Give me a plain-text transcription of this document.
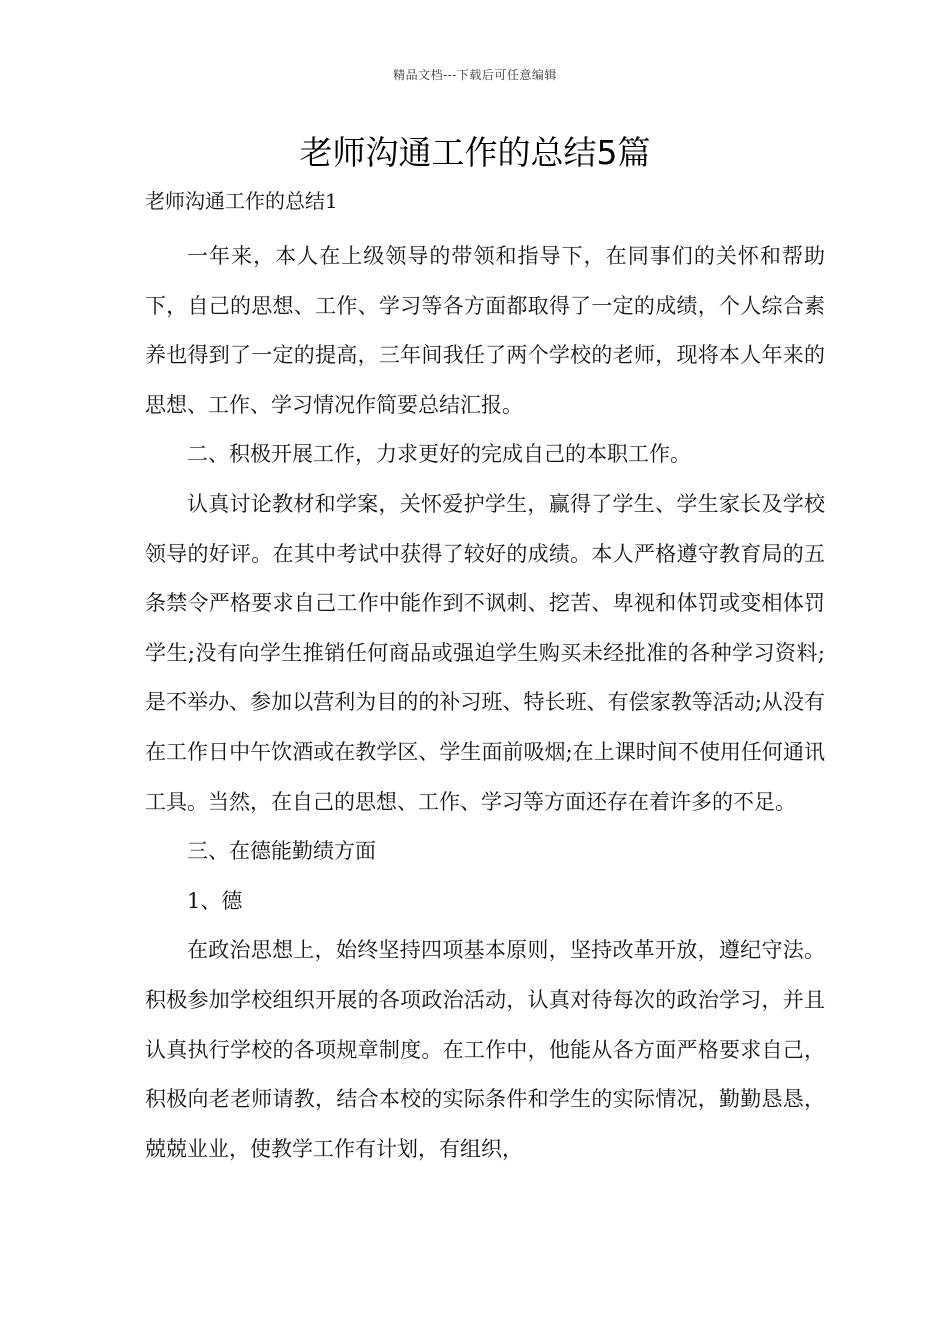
精品文档---下载后可任意编辑
老师沟通工作的总结5篇
老师沟通工作的总结1

一年来，本人在上级领导的带领和指导下，在同事们的关怀和帮助下，自己的思想、工作、学习等各方面都取得了一定的成绩，个人综合素养也得到了一定的提高，三年间我任了两个学校的老师，现将本人年来的思想、工作、学习情况作简要总结汇报。

二、积极开展工作，力求更好的完成自己的本职工作。

认真讨论教材和学案，关怀爱护学生，赢得了学生、学生家长及学校领导的好评。在其中考试中获得了较好的成绩。本人严格遵守教育局的五条禁令严格要求自己工作中能作到不讽刺、挖苦、卑视和体罚或变相体罚学生;没有向学生推销任何商品或强迫学生购买未经批准的各种学习资料;是不举办、参加以营利为目的的补习班、特长班、有偿家教等活动;从没有在工作日中午饮酒或在教学区、学生面前吸烟;在上课时间不使用任何通讯工具。当然，在自己的思想、工作、学习等方面还存在着许多的不足。

三、在德能勤绩方面

1、德

在政治思想上，始终坚持四项基本原则，坚持改革开放，遵纪守法。积极参加学校组织开展的各项政治活动，认真对待每次的政治学习，并且认真执行学校的各项规章制度。在工作中，他能从各方面严格要求自己，积极向老老师请教，结合本校的实际条件和学生的实际情况，勤勤恳恳，兢兢业业，使教学工作有计划，有组织，
